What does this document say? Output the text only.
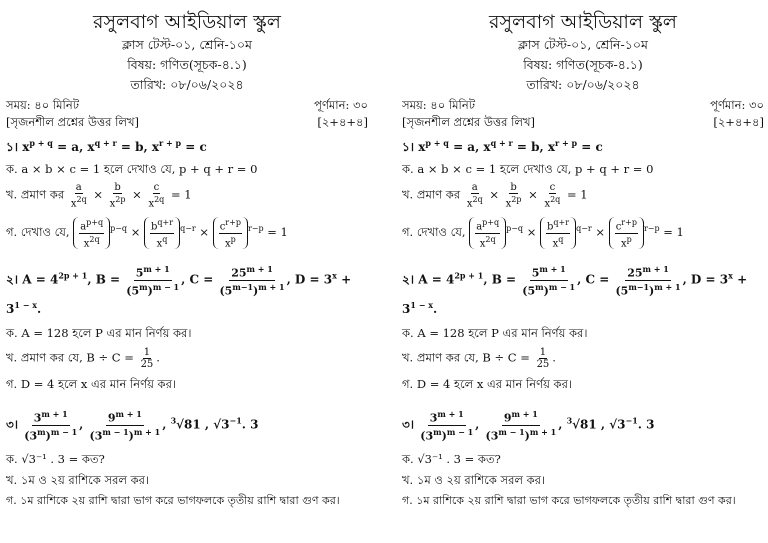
রসুলবাগ আইডিয়াল স্কুল
ক্লাস টেস্ট-০১, শ্রেনি-১০ম
বিষয়: গণিত(সূচক-৪.১)
তারিখ: ০৮/০৬/২০২৪
সময়: ৪০ মিনিট	পূর্ণমান: ৩০
[সৃজনশীল প্রশ্নের উত্তর লিখ]	[২+৪+৪]
১। $x^{p + q} = a$, $x^{q + r} = b$, $x^{r + p} = c$
ক. a × b × c = 1 হলে দেখাও যে, p + q + r = 0
খ. প্রমাণ কর $\frac{a}{x^{2q}} \times \frac{b}{x^{2p}} \times \frac{c}{x^{2q}} = 1$
গ. দেখাও যে, $\frac{a^{p+q}}{x^{2q}} ^{p-q} \times \frac{b^{q+r}}{x^q} ^{q-r} \times \frac{c^{r+p}}{x^p} ^{r-p} = 1$
২। $A = 4^{2p + 1}$, $B = \frac{5^{m + 1}}{(5^m)^{m - 1}}$ , $C = \frac{25^{m + 1}}{(5^{m-1})^{m + 1}}$ , $D = 3^x + 3^{1 - x}$.
ক. A = 128 হলে P এর মান নির্ণয় কর।
খ. প্রমাণ কর যে, $B \div C = \frac{1}{25}$ .
গ. D = 4 হলে x এর মান নির্ণয় কর।
৩। $\frac{3^{m + 1}}{(3^m)^{m - 1}}$ , $\frac{9^{m + 1}}{(3^{m - 1})^{m + 1}}$ , $^3$√81 , $√3^{-1}$. 3
ক. √3⁻¹ . 3 = কত?
খ. ১ম ও ২য় রাশিকে সরল কর।
গ. ১ম রাশিকে ২য় রাশি দ্বারা ভাগ করে ভাগফলকে তৃতীয় রাশি দ্বারা গুণ কর।
রসুলবাগ আইডিয়াল স্কুল
ক্লাস টেস্ট-০১, শ্রেনি-১০ম
বিষয়: গণিত(সূচক-৪.১)
তারিখ: ০৮/০৬/২০২৪
সময়: ৪০ মিনিট	পূর্ণমান: ৩০
[সৃজনশীল প্রশ্নের উত্তর লিখ]	[২+৪+৪]
১। $x^{p + q} = a$, $x^{q + r} = b$, $x^{r + p} = c$
ক. a × b × c = 1 হলে দেখাও যে, p + q + r = 0
খ. প্রমাণ কর $\frac{a}{x^{2q}} \times \frac{b}{x^{2p}} \times \frac{c}{x^{2q}} = 1$
গ. দেখাও যে, $\frac{a^{p+q}}{x^{2q}} ^{p-q} \times \frac{b^{q+r}}{x^q} ^{q-r} \times \frac{c^{r+p}}{x^p} ^{r-p} = 1$
২। $A = 4^{2p + 1}$, $B = \frac{5^{m + 1}}{(5^m)^{m - 1}}$ , $C = \frac{25^{m + 1}}{(5^{m-1})^{m + 1}}$ , $D = 3^x + 3^{1 - x}$.
ক. A = 128 হলে P এর মান নির্ণয় কর।
খ. প্রমাণ কর যে, $B \div C = \frac{1}{25}$ .
গ. D = 4 হলে x এর মান নির্ণয় কর।
৩। $\frac{3^{m + 1}}{(3^m)^{m - 1}}$ , $\frac{9^{m + 1}}{(3^{m - 1})^{m + 1}}$ , $^3$√81 , $√3^{-1}$. 3
ক. √3⁻¹ . 3 = কত?
খ. ১ম ও ২য় রাশিকে সরল কর।
গ. ১ম রাশিকে ২য় রাশি দ্বারা ভাগ করে ভাগফলকে তৃতীয় রাশি দ্বারা গুণ কর।
